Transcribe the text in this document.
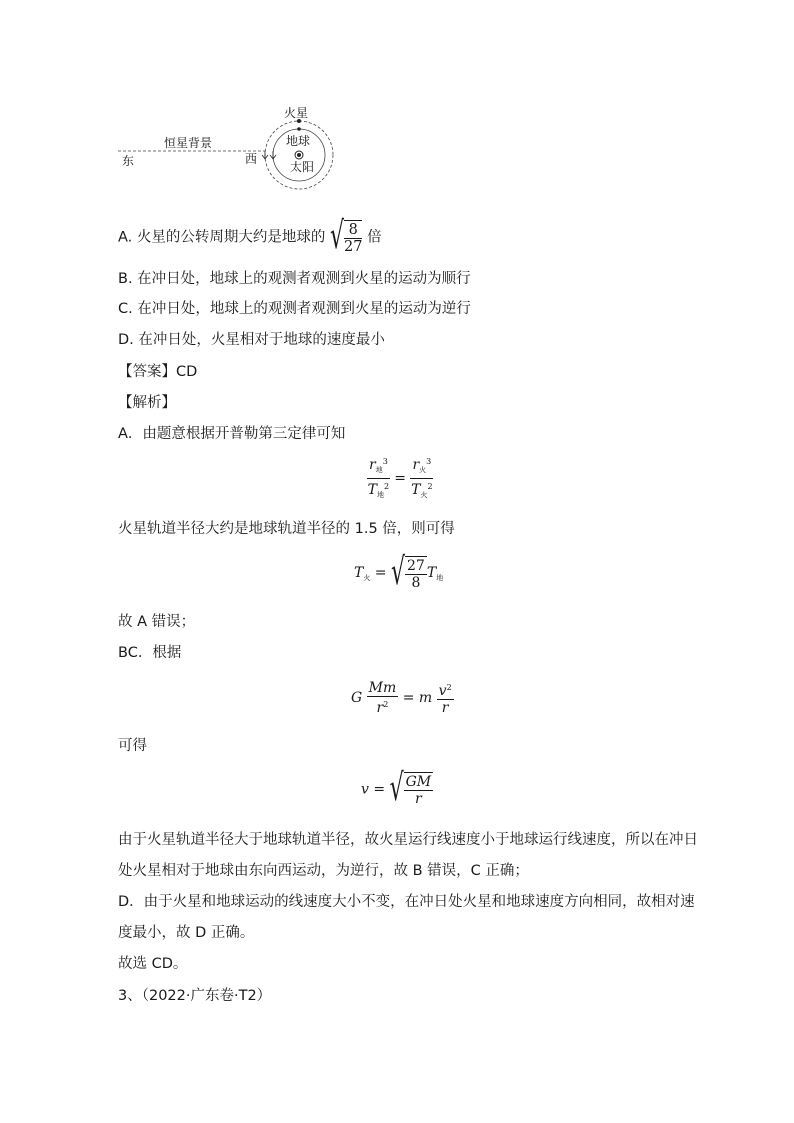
火星
地球
太阳
恒星背景
东	西
A. 火星的公转周期大约是地球的 √ $\frac{8}{27}$ 倍
B. 在冲日处，地球上的观测者观测到火星的运动为顺行
C. 在冲日处，地球上的观测者观测到火星的运动为逆行
D. 在冲日处，火星相对于地球的速度最小
【答案】CD
【解析】
A．由题意根据开普勒第三定律可知
$\frac{r_地^3}{T_地^2} = \frac{r_火^3}{T_火^2}$
火星轨道半径大约是地球轨道半径的 1.5 倍，则可得
$T_火$ = √ $\frac{27}{8} T_地$
故 A 错误；
BC．根据
G $\frac{Mm}{r^2} = m \frac{v^2}{r}$
可得
v = √ $\frac{GM}{r}$
由于火星轨道半径大于地球轨道半径，故火星运行线速度小于地球运行线速度，所以在冲日
处火星相对于地球由东向西运动，为逆行，故 B 错误，C 正确；
D．由于火星和地球运动的线速度大小不变，在冲日处火星和地球速度方向相同，故相对速
度最小，故 D 正确。
故选 CD。
3、（2022·广东卷·T2）
